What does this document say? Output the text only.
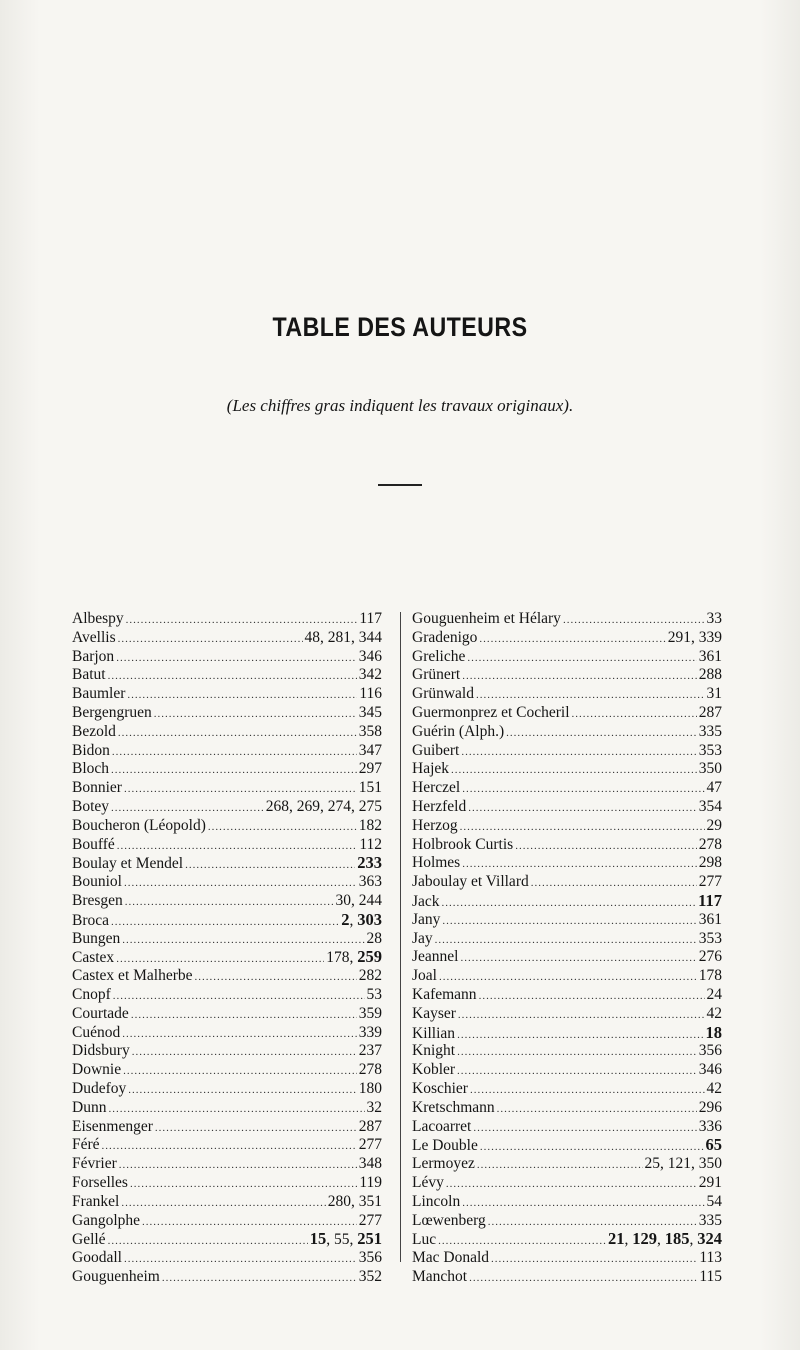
TABLE DES AUTEURS
(Les chiffres gras indiquent les travaux originaux).
Albespy .....	117
Avellis .....	48, 281, 344
Barjon .....	346
Batut .....	342
Baumler .....	116
Bergengruen .....	345
Bezold .....	358
Bidon .....	347
Bloch .....	297
Bonnier .....	151
Botey .....	268, 269, 274, 275
Boucheron (Léopold) .....	182
Bouffé .....	112
Boulay et Mendel .....	233
Bouniol .....	363
Bresgen .....	30, 244
Broca .....	2, 303
Bungen .....	28
Castex .....	178, 259
Castex et Malherbe .....	282
Cnopf .....	53
Courtade .....	359
Cuénod .....	339
Didsbury .....	237
Downie .....	278
Dudefoy .....	180
Dunn .....	32
Eisenmenger .....	287
Féré .....	277
Février .....	348
Forselles .....	119
Frankel .....	280, 351
Gangolphe .....	277
Gellé .....	15, 55, 251
Goodall .....	356
Gouguenheim .....	352
Gouguenheim et Hélary .....	33
Gradenigo .....	291, 339
Greliche .....	361
Grünert .....	288
Grünwald .....	31
Guermonprez et Cocheril .....	287
Guérin (Alph.) .....	335
Guibert .....	353
Hajek .....	350
Herczel .....	47
Herzfeld .....	354
Herzog .....	29
Holbrook Curtis .....	278
Holmes .....	298
Jaboulay et Villard .....	277
Jack .....	117
Jany .....	361
Jay .....	353
Jeannel .....	276
Joal .....	178
Kafemann .....	24
Kayser .....	42
Killian .....	18
Knight .....	356
Kobler .....	346
Koschier .....	42
Kretschmann .....	296
Lacoarret .....	336
Le Double .....	65
Lermoyez .....	25, 121, 350
Lévy .....	291
Lincoln .....	54
Lœwenberg .....	335
Luc .....	21, 129, 185, 324
Mac Donald .....	113
Manchot .....	115
